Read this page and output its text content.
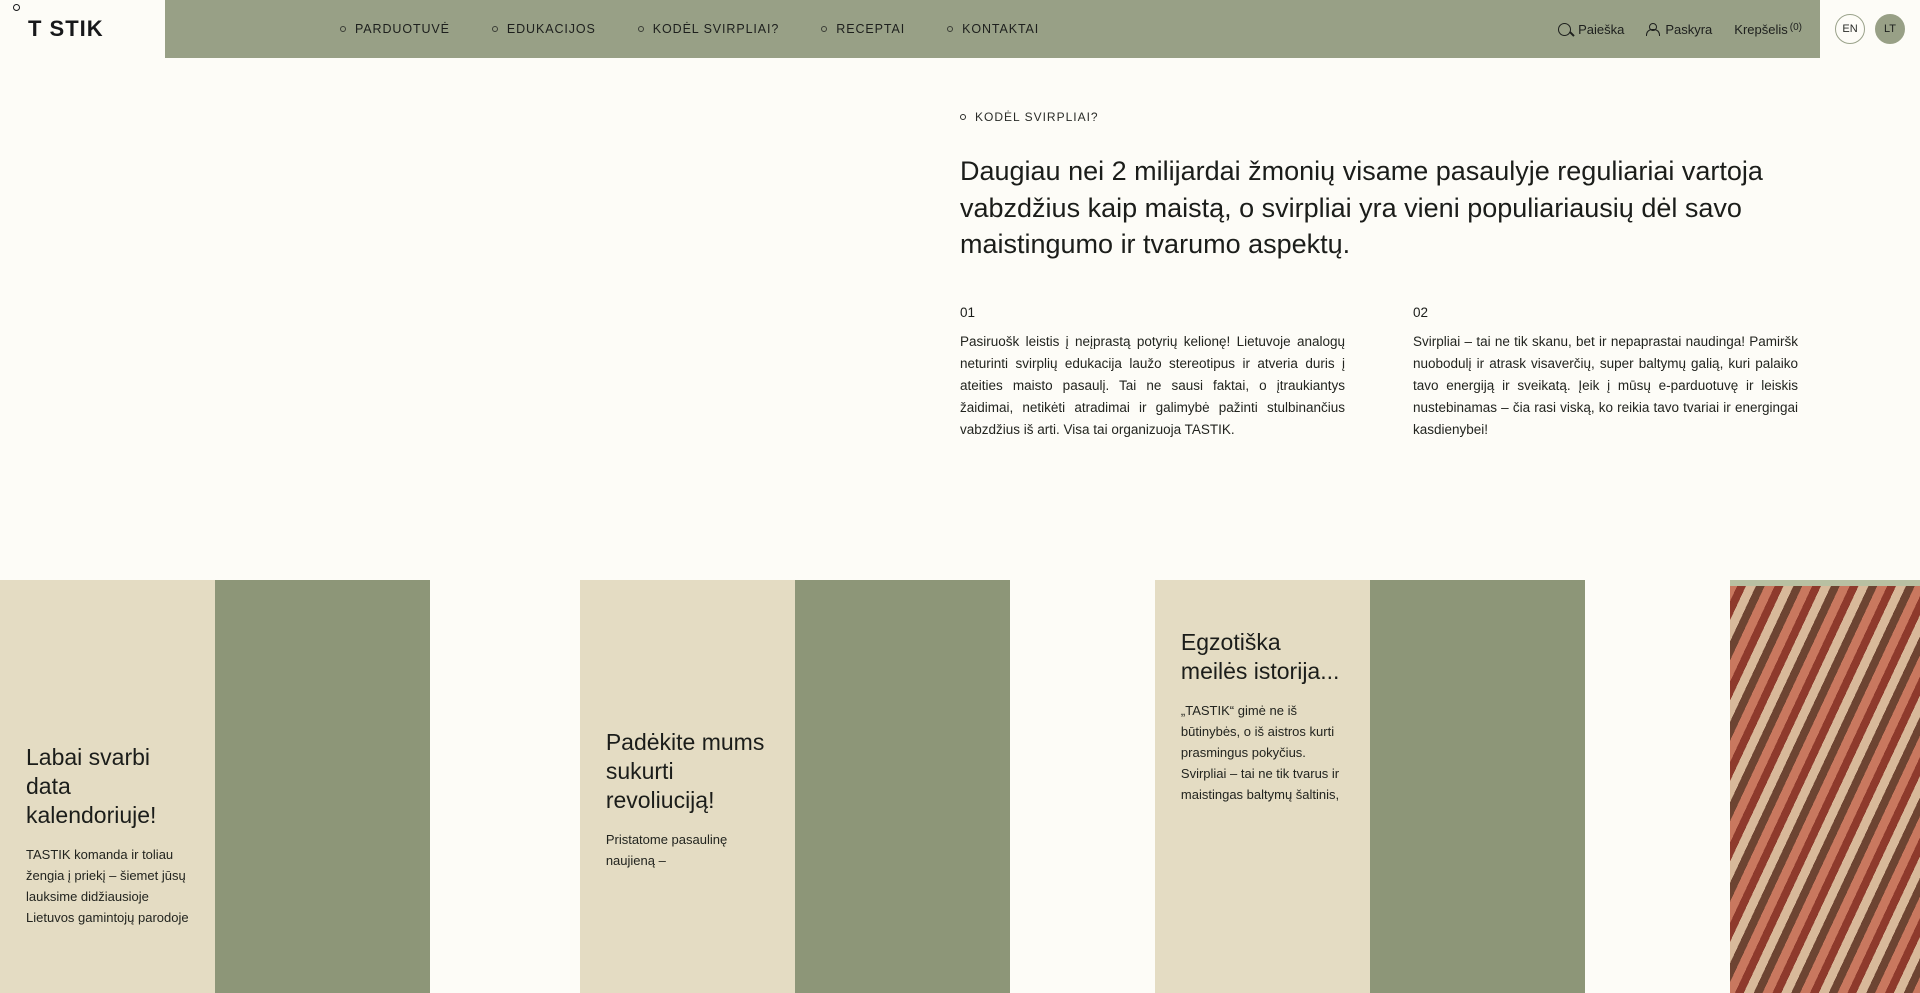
T STIK	PARDUOTUVĖ	EDUKACIJOS	KODĖL SVIRPLIAI?	RECEPTAI	KONTAKTAI	Paieška	Paskyra Krepšelis (0)	EN	LT
KODĖL SVIRPLIAI?
Daugiau nei 2 milijardai žmonių visame pasaulyje reguliariai vartoja vabzdžius kaip maistą, o svirpliai yra vieni populiariausių dėl savo maistingumo ir tvarumo aspektų.
01
Pasiruošk leistis į neįprastą potyrių kelionę! Lietuvoje analogų neturinti svirplių edukacija laužo stereotipus ir atveria duris į ateities maisto pasaulį. Tai ne sausi faktai, o įtraukiantys žaidimai, netikėti atradimai ir galimybė pažinti stulbinančius vabzdžius iš arti. Visa tai organizuoja TASTIK.
02
Svirpliai – tai ne tik skanu, bet ir nepaprastai naudinga! Pamiršk nuobodulį ir atrask visaverčių, super baltymų galią, kuri palaiko tavo energiją ir sveikatą. Įeik į mūsų e-parduotuvę ir leiskis nustebinamas – čia rasi viską, ko reikia tavo tvariai ir energingai kasdienybei!
Labai svarbi data kalendoriuje!
TASTIK komanda ir toliau žengia į priekį – šiemet jūsų lauksime didžiausioje Lietuvos gamintojų parodoje
Padėkite mums sukurti revoliuciją!
Pristatome pasaulinę naujieną –
Egzotiška meilės istorija...
„TASTIK“ gimė ne iš būtinybės, o iš aistros kurti prasmingus pokyčius. Svirpliai – tai ne tik tvarus ir maistingas baltymų šaltinis,
